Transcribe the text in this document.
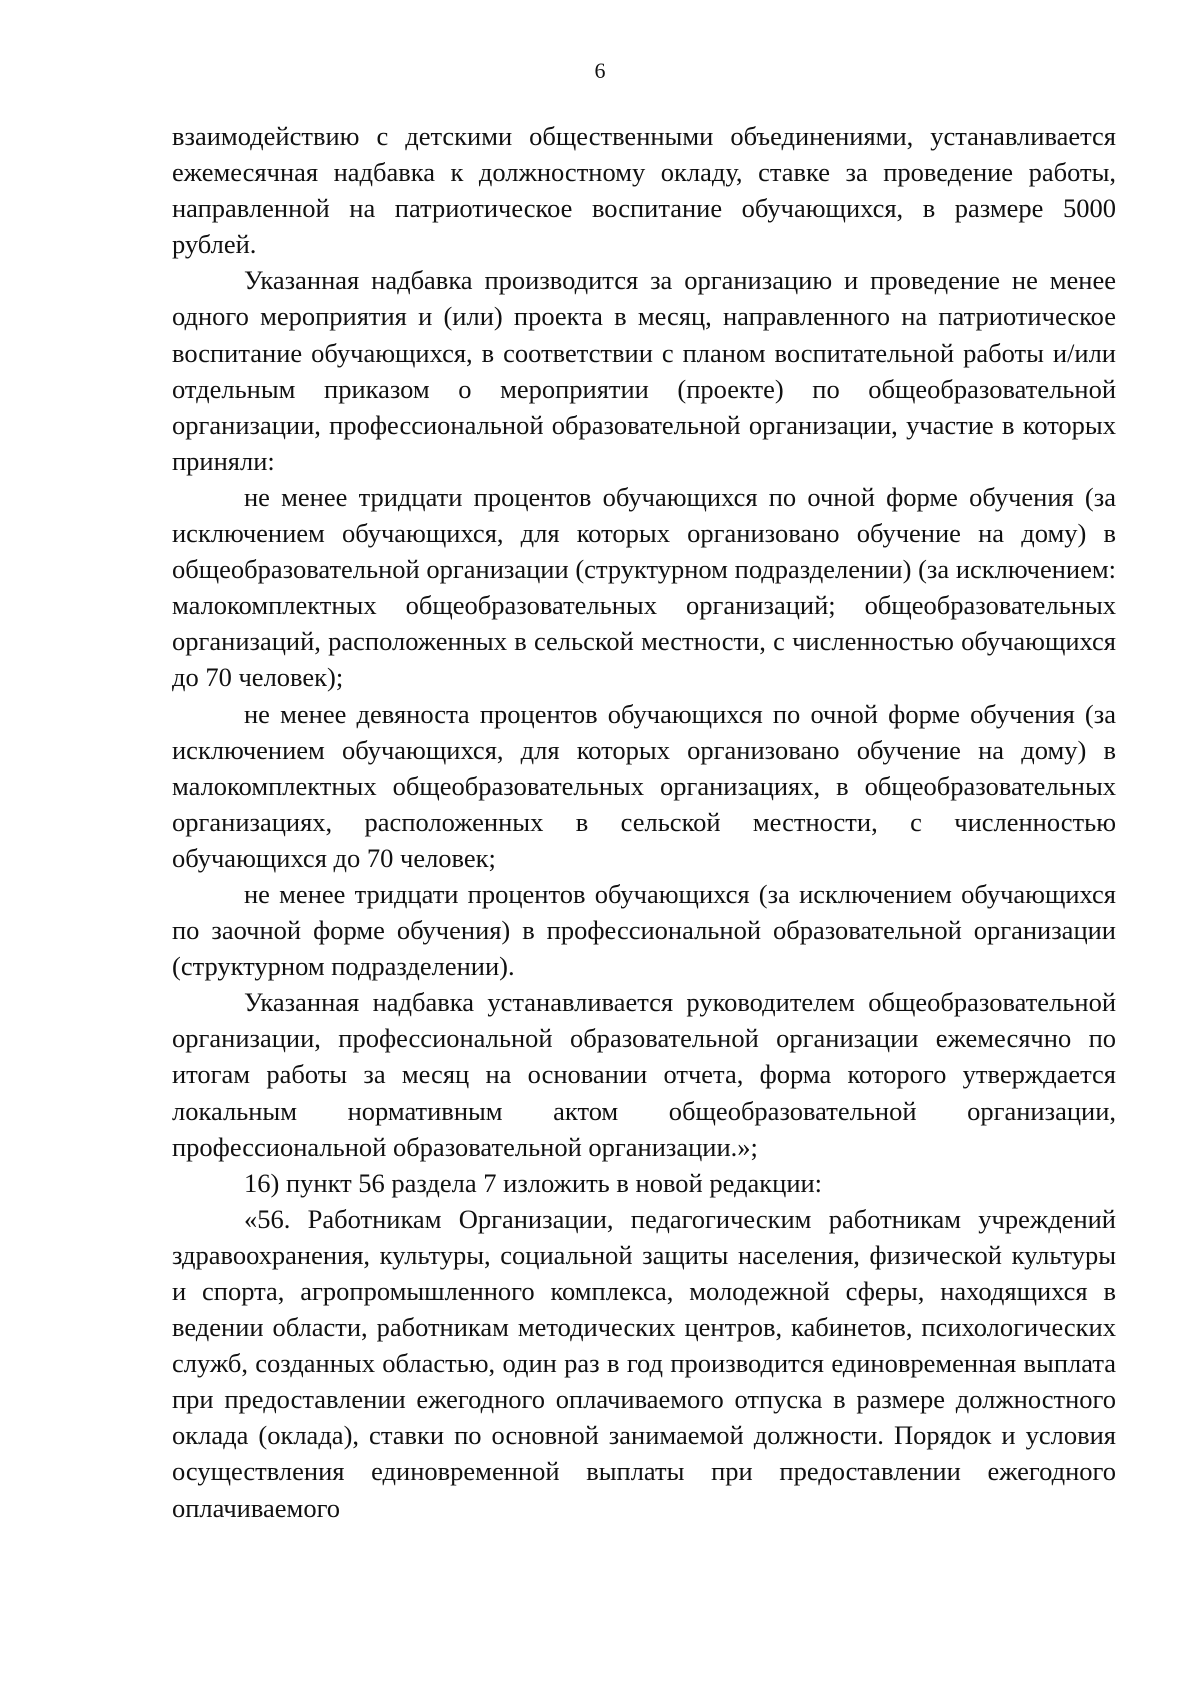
6

взаимодействию с детскими общественными объединениями, устанавливается ежемесячная надбавка к должностному окладу, ставке за проведение работы, направленной на патриотическое воспитание обучающихся, в размере 5000 рублей.

Указанная надбавка производится за организацию и проведение не менее одного мероприятия и (или) проекта в месяц, направленного на патриотическое воспитание обучающихся, в соответствии с планом воспитательной работы и/или отдельным приказом о мероприятии (проекте) по общеобразовательной организации, профессиональной образовательной организации, участие в которых приняли:

не менее тридцати процентов обучающихся по очной форме обучения (за исключением обучающихся, для которых организовано обучение на дому) в общеобразовательной организации (структурном подразделении) (за исключением: малокомплектных общеобразовательных организаций; общеобразовательных организаций, расположенных в сельской местности, с численностью обучающихся до 70 человек);

не менее девяноста процентов обучающихся по очной форме обучения (за исключением обучающихся, для которых организовано обучение на дому) в малокомплектных общеобразовательных организациях, в общеобразовательных организациях, расположенных в сельской местности, с численностью обучающихся до 70 человек;

не менее тридцати процентов обучающихся (за исключением обучающихся по заочной форме обучения) в профессиональной образовательной организации (структурном подразделении).

Указанная надбавка устанавливается руководителем общеобразовательной организации, профессиональной образовательной организации ежемесячно по итогам работы за месяц на основании отчета, форма которого утверждается локальным нормативным актом общеобразовательной организации, профессиональной образовательной организации.»;

16) пункт 56 раздела 7 изложить в новой редакции:

«56. Работникам Организации, педагогическим работникам учреждений здравоохранения, культуры, социальной защиты населения, физической культуры и спорта, агропромышленного комплекса, молодежной сферы, находящихся в ведении области, работникам методических центров, кабинетов, психологических служб, созданных областью, один раз в год производится единовременная выплата при предоставлении ежегодного оплачиваемого отпуска в размере должностного оклада (оклада), ставки по основной занимаемой должности. Порядок и условия осуществления единовременной выплаты при предоставлении ежегодного оплачиваемого
